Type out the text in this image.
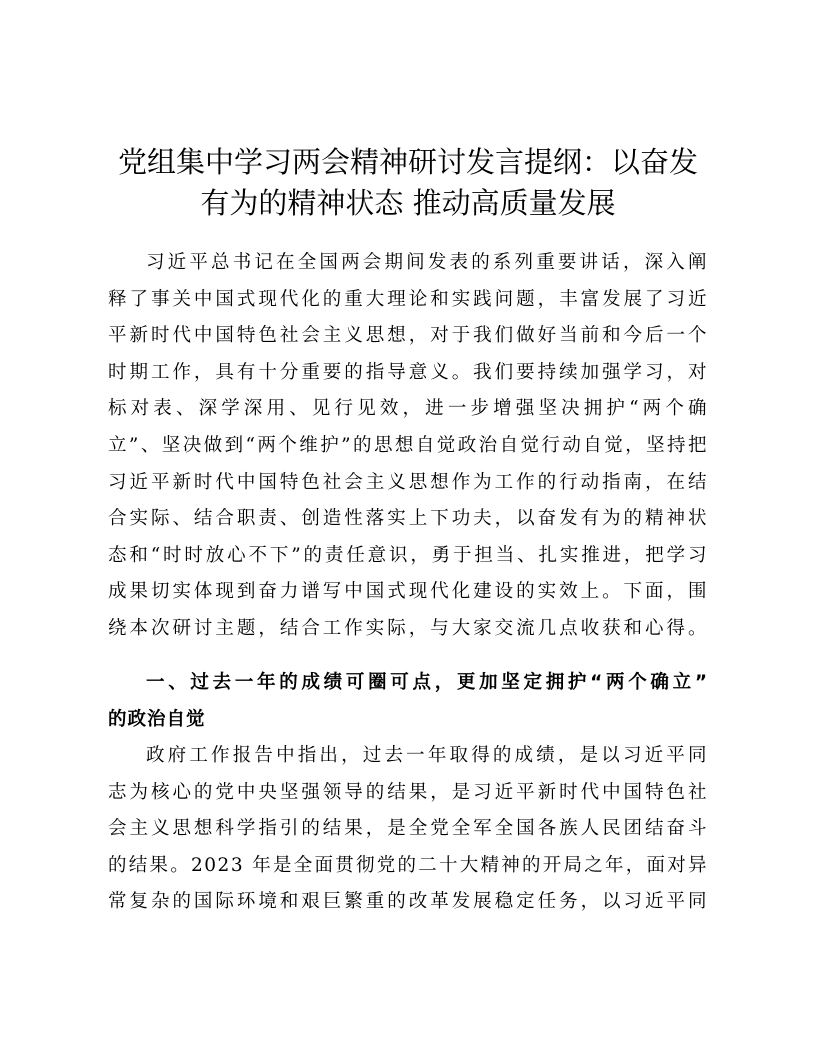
党组集中学习两会精神研讨发言提纲：以奋发
有为的精神状态 推动高质量发展
习近平总书记在全国两会期间发表的系列重要讲话，深入阐
释了事关中国式现代化的重大理论和实践问题，丰富发展了习近
平新时代中国特色社会主义思想，对于我们做好当前和今后一个
时期工作，具有十分重要的指导意义。我们要持续加强学习，对
标对表、深学深用、见行见效，进一步增强坚决拥护“两个确
立”、坚决做到“两个维护”的思想自觉政治自觉行动自觉，坚持把
习近平新时代中国特色社会主义思想作为工作的行动指南，在结
合实际、结合职责、创造性落实上下功夫，以奋发有为的精神状
态和“时时放心不下”的责任意识，勇于担当、扎实推进，把学习
成果切实体现到奋力谱写中国式现代化建设的实效上。下面，围
绕本次研讨主题，结合工作实际，与大家交流几点收获和心得。
一、过去一年的成绩可圈可点，更加坚定拥护“两个确立”
的政治自觉
政府工作报告中指出，过去一年取得的成绩，是以习近平同
志为核心的党中央坚强领导的结果，是习近平新时代中国特色社
会主义思想科学指引的结果，是全党全军全国各族人民团结奋斗
的结果。2023 年是全面贯彻党的二十大精神的开局之年，面对异
常复杂的国际环境和艰巨繁重的改革发展稳定任务，以习近平同
